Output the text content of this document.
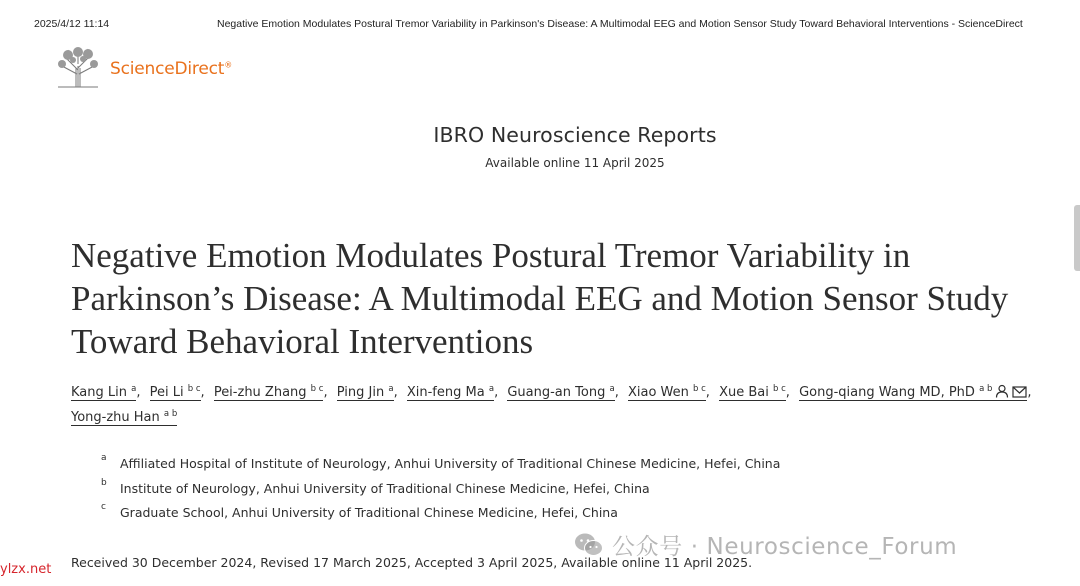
2025/4/12 11:14	Negative Emotion Modulates Postural Tremor Variability in Parkinson's Disease: A Multimodal EEG and Motion Sensor Study Toward Behavioral Interventions - ScienceDirect
ScienceDirect®
IBRO Neuroscience Reports
Available online 11 April 2025
Negative Emotion Modulates Postural Tremor Variability in Parkinson’s Disease: A Multimodal EEG and Motion Sensor Study Toward Behavioral Interventions
Kang Lin $^a$, Pei Li $^{b c}$, Pei-zhu Zhang $^{b c}$, Ping Jin $^a$, Xin-feng Ma $^a$, Guang-an Tong $^a$, Xiao Wen $^{b c}$, Xue Bai $^{b c}$, Gong-qiang Wang MD, PhD $^{a b}$	,
Yong-zhu Han $^{a b}$
a Affiliated Hospital of Institute of Neurology, Anhui University of Traditional Chinese Medicine, Hefei, China
b Institute of Neurology, Anhui University of Traditional Chinese Medicine, Hefei, China
c Graduate School, Anhui University of Traditional Chinese Medicine, Hefei, China
Received 30 December 2024, Revised 17 March 2025, Accepted 3 April 2025, Available online 11 April 2025.
公众号 · Neuroscience_Forum
ylzx.net
